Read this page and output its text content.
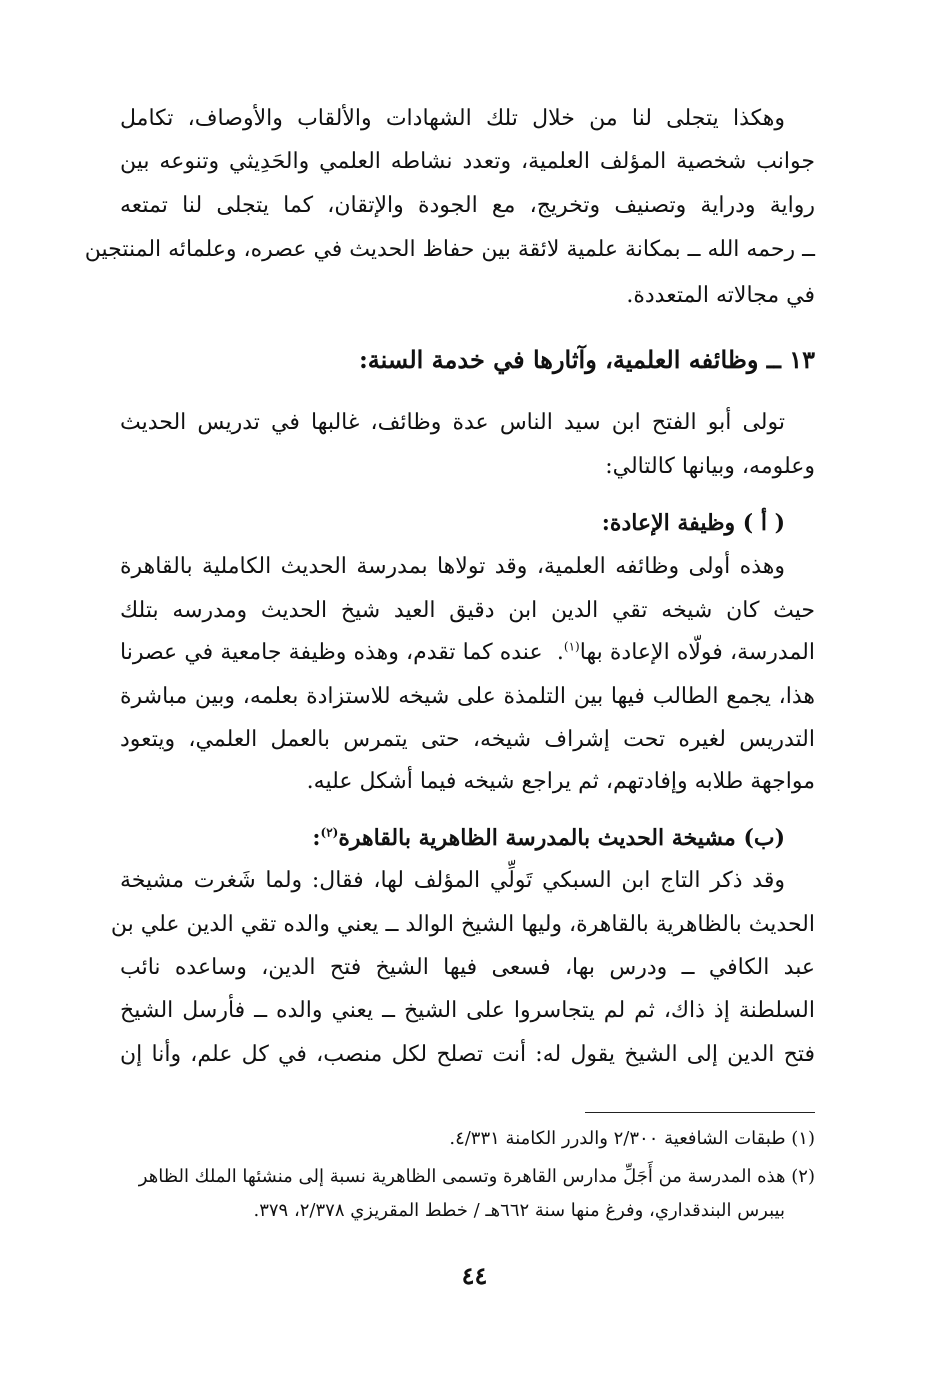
وهكذا يتجلى لنا من خلال تلك الشهادات والألقاب والأوصاف، تكامل
جوانب شخصية المؤلف العلمية، وتعدد نشاطه العلمي والحَدِيثي وتنوعه بين
رواية ودراية وتصنيف وتخريج، مع الجودة والإتقان، كما يتجلى لنا تمتعه
ــ رحمه الله ــ بمكانة علمية لائقة بين حفاظ الحديث في عصره، وعلمائه المنتجين
في مجالاته المتعددة.
١٣ ــ وظائفه العلمية، وآثارها في خدمة السنة:
تولى أبو الفتح ابن سيد الناس عدة وظائف، غالبها في تدريس الحديث
وعلومه، وبيانها كالتالي:
( أ ) وظيفة الإعادة:
وهذه أولى وظائفه العلمية، وقد تولاها بمدرسة الحديث الكاملية بالقاهرة
حيث كان شيخه تقي الدين ابن دقيق العيد شيخ الحديث ومدرسه بتلك
المدرسة، فولّاه الإعادة بها$^{(١)}$.  عنده كما تقدم، وهذه وظيفة جامعية في عصرنا
هذا، يجمع الطالب فيها بين التلمذة على شيخه للاستزادة بعلمه، وبين مباشرة
التدريس لغيره تحت إشراف شيخه، حتى يتمرس بالعمل العلمي، ويتعود
مواجهة طلابه وإفادتهم، ثم يراجع شيخه فيما أشكل عليه.
(ب) مشيخة الحديث بالمدرسة الظاهرية بالقاهرة$^{(٢)}$:
وقد ذكر التاج ابن السبكي تَولِّي المؤلف لها، فقال: ولما شَغرت مشيخة
الحديث بالظاهرية بالقاهرة، وليها الشيخ الوالد ــ يعني والده تقي الدين علي بن
عبد الكافي ــ ودرس بها، فسعى فيها الشيخ فتح الدين، وساعده نائب
السلطنة إذ ذاك، ثم لم يتجاسروا على الشيخ ــ يعني والده ــ فأرسل الشيخ
فتح الدين إلى الشيخ يقول له: أنت تصلح لكل منصب، في كل علم، وأنا إن
(١) طبقات الشافعية ٢/٣٠٠ والدرر الكامنة ٤/٣٣١.
(٢) هذه المدرسة من أَجَلِّ مدارس القاهرة وتسمى الظاهرية نسبة إلى منشئها الملك الظاهر
بيبرس البندقداري، وفرغ منها سنة ٦٦٢هـ / خطط المقريزي ٢/٣٧٨، ٣٧٩.
٤٤
